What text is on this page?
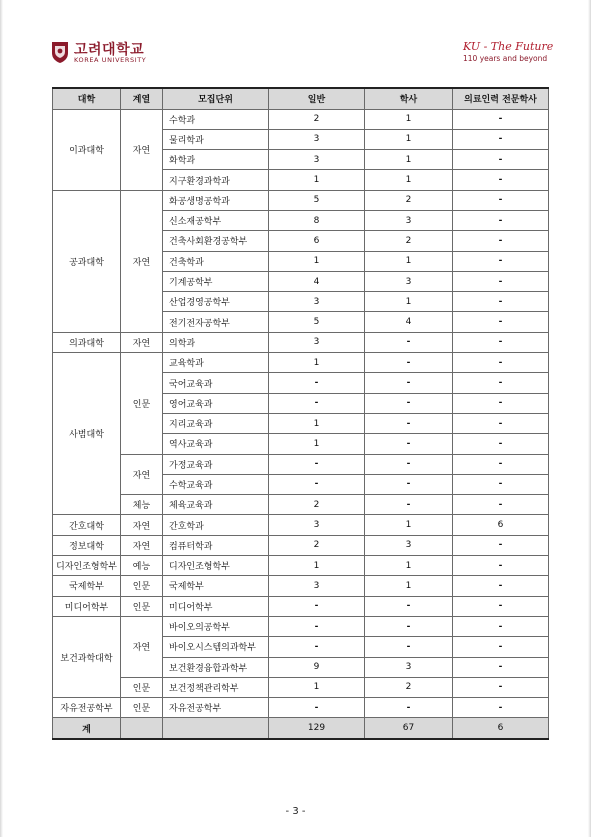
고려대학교
KOREA UNIVERSITY
KU - The Future
110 years and beyond
대학	계열	모집단위	일반	학사	의료인력 전문학사
이과대학	자연	수학과	2	1	-
		물리학과	3	1	-
		화학과	3	1	-
		지구환경과학과	1	1	-
공과대학	자연	화공생명공학과	5	2	-
		신소재공학부	8	3	-
		건축사회환경공학부	6	2	-
		건축학과	1	1	-
		기계공학부	4	3	-
		산업경영공학부	3	1	-
		전기전자공학부	5	4	-
의과대학	자연	의학과	3	-	-
사범대학	인문	교육학과	1	-	-
		국어교육과	-	-	-
		영어교육과	-	-	-
		지리교육과	1	-	-
		역사교육과	1	-	-
	자연	가정교육과	-	-	-
		수학교육과	-	-	-
	체능	체육교육과	2	-	-
간호대학	자연	간호학과	3	1	6
정보대학	자연	컴퓨터학과	2	3	-
디자인조형학부	예능	디자인조형학부	1	1	-
국제학부	인문	국제학부	3	1	-
미디어학부	인문	미디어학부	-	-	-
보건과학대학	자연	바이오의공학부	-	-	-
		바이오시스템의과학부	-	-	-
		보건환경융합과학부	9	3	-
	인문	보건정책관리학부	1	2	-
자유전공학부	인문	자유전공학부	-	-	-
계			129	67	6
- 3 -
